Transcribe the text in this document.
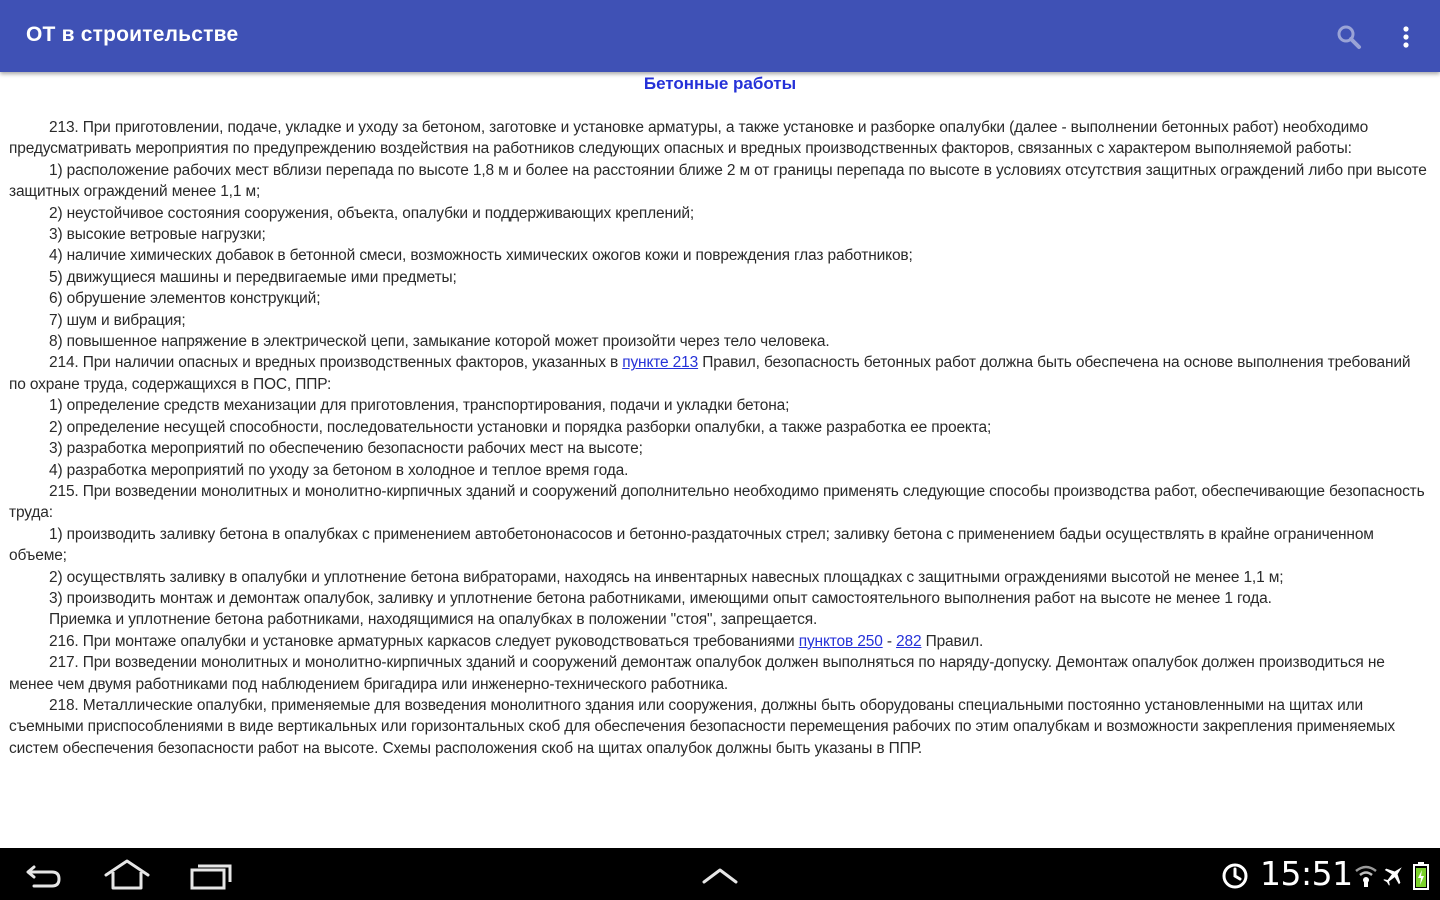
ОТ в строительстве
Бетонные работы
213. При приготовлении, подаче, укладке и уходу за бетоном, заготовке и установке арматуры, а также установке и разборке опалубки (далее - выполнении бетонных работ) необходимо предусматривать мероприятия по предупреждению воздействия на работников следующих опасных и вредных производственных факторов, связанных с характером выполняемой работы:
1) расположение рабочих мест вблизи перепада по высоте 1,8 м и более на расстоянии ближе 2 м от границы перепада по высоте в условиях отсутствия защитных ограждений либо при высоте защитных ограждений менее 1,1 м;
2) неустойчивое состояния сооружения, объекта, опалубки и поддерживающих креплений;
3) высокие ветровые нагрузки;
4) наличие химических добавок в бетонной смеси, возможность химических ожогов кожи и повреждения глаз работников;
5) движущиеся машины и передвигаемые ими предметы;
6) обрушение элементов конструкций;
7) шум и вибрация;
8) повышенное напряжение в электрической цепи, замыкание которой может произойти через тело человека.
214. При наличии опасных и вредных производственных факторов, указанных в пункте 213 Правил, безопасность бетонных работ должна быть обеспечена на основе выполнения требований по охране труда, содержащихся в ПОС, ППР:
1) определение средств механизации для приготовления, транспортирования, подачи и укладки бетона;
2) определение несущей способности, последовательности установки и порядка разборки опалубки, а также разработка ее проекта;
3) разработка мероприятий по обеспечению безопасности рабочих мест на высоте;
4) разработка мероприятий по уходу за бетоном в холодное и теплое время года.
215. При возведении монолитных и монолитно-кирпичных зданий и сооружений дополнительно необходимо применять следующие способы производства работ, обеспечивающие безопасность труда:
1) производить заливку бетона в опалубках с применением автобетононасосов и бетонно-раздаточных стрел; заливку бетона с применением бадьи осуществлять в крайне ограниченном объеме;
2) осуществлять заливку в опалубки и уплотнение бетона вибраторами, находясь на инвентарных навесных площадках с защитными ограждениями высотой не менее 1,1 м;
3) производить монтаж и демонтаж опалубок, заливку и уплотнение бетона работниками, имеющими опыт самостоятельного выполнения работ на высоте не менее 1 года.
Приемка и уплотнение бетона работниками, находящимися на опалубках в положении "стоя", запрещается.
216. При монтаже опалубки и установке арматурных каркасов следует руководствоваться требованиями пунктов 250 - 282 Правил.
217. При возведении монолитных и монолитно-кирпичных зданий и сооружений демонтаж опалубок должен выполняться по наряду-допуску. Демонтаж опалубок должен производиться не менее чем двумя работниками под наблюдением бригадира или инженерно-технического работника.
218. Металлические опалубки, применяемые для возведения монолитного здания или сооружения, должны быть оборудованы специальными постоянно установленными на щитах или съемными приспособлениями в виде вертикальных или горизонтальных скоб для обеспечения безопасности перемещения рабочих по этим опалубкам и возможности закрепления применяемых систем обеспечения безопасности работ на высоте. Схемы расположения скоб на щитах опалубок должны быть указаны в ППР.
15:51
